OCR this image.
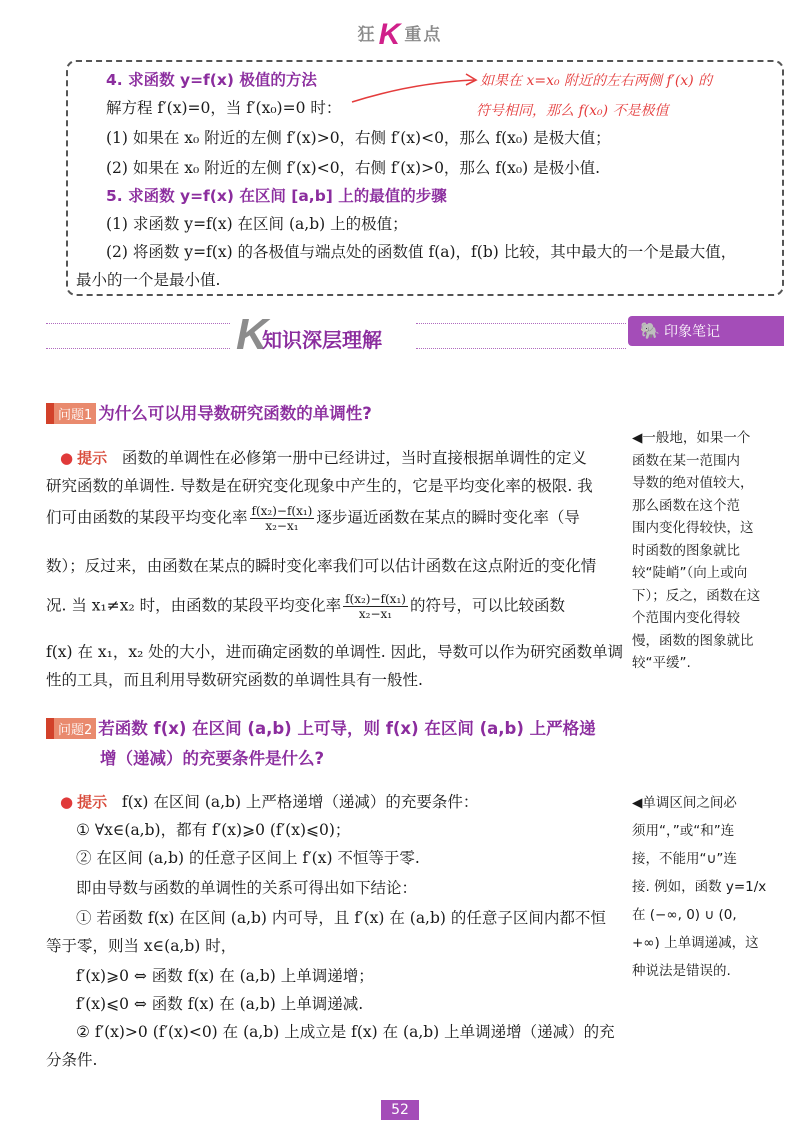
狂K 重点
4. 求函数 y=f(x) 极值的方法
解方程 f′(x)=0，当 f′(x₀)=0 时：
如果在 x=x₀ 附近的左右两侧 f′(x) 的
符号相同，那么 f(x₀) 不是极值
(1) 如果在 x₀ 附近的左侧 f′(x)>0，右侧 f′(x)<0，那么 f(x₀) 是极大值；
(2) 如果在 x₀ 附近的左侧 f′(x)<0，右侧 f′(x)>0，那么 f(x₀) 是极小值.
5. 求函数 y=f(x) 在区间 [a,b] 上的最值的步骤
(1) 求函数 y=f(x) 在区间 (a,b) 上的极值；
(2) 将函数 y=f(x) 的各极值与端点处的函数值 f(a)，f(b) 比较，其中最大的一个是最大值，
最小的一个是最小值.
K
知识深层理解	🐘 印象笔记
问题1 为什么可以用导数研究函数的单调性?
● 提示 函数的单调性在必修第一册中已经讲过，当时直接根据单调性的定义
研究函数的单调性. 导数是在研究变化现象中产生的，它是平均变化率的极限. 我
们可由函数的某段平均变化率 $\frac{\text{f(x₂)−f(x₁)}}{\text{x₂−x₁}}$ 逐步逼近函数在某点的瞬时变化率（导
数）；反过来，由函数在某点的瞬时变化率我们可以估计函数在这点附近的变化情
况. 当 x₁≠x₂ 时，由函数的某段平均变化率 $\frac{\text{f(x₂)−f(x₁)}}{\text{x₂−x₁}}$ 的符号，可以比较函数
f(x) 在 x₁，x₂ 处的大小，进而确定函数的单调性. 因此，导数可以作为研究函数单调
性的工具，而且利用导数研究函数的单调性具有一般性.
◀一般地，如果一个
函数在某一范围内
导数的绝对值较大，
那么函数在这个范
围内变化得较快，这
时函数的图象就比
较“陡峭”（向上或向
下）；反之，函数在这
个范围内变化得较
慢，函数的图象就比
较“平缓”.
问题2 若函数 f(x) 在区间 (a,b) 上可导，则 f(x) 在区间 (a,b) 上严格递
增（递减）的充要条件是什么?
● 提示 f(x) 在区间 (a,b) 上严格递增（递减）的充要条件：
① ∀x∈(a,b)，都有 f′(x)⩾0 (f′(x)⩽0)；
② 在区间 (a,b) 的任意子区间上 f′(x) 不恒等于零.
即由导数与函数的单调性的关系可得出如下结论：
① 若函数 f(x) 在区间 (a,b) 内可导，且 f′(x) 在 (a,b) 的任意子区间内都不恒
等于零，则当 x∈(a,b) 时，
f′(x)⩾0 ⇔ 函数 f(x) 在 (a,b) 上单调递增；
f′(x)⩽0 ⇔ 函数 f(x) 在 (a,b) 上单调递减.
② f′(x)>0 (f′(x)<0) 在 (a,b) 上成立是 f(x) 在 (a,b) 上单调递增（递减）的充
分条件.
◀单调区间之间必
须用“，”或“和”连
接，不能用“∪”连
接. 例如，函数 y=1/x
在 (−∞, 0) ∪ (0,
+∞) 上单调递减，这
种说法是错误的.
52
